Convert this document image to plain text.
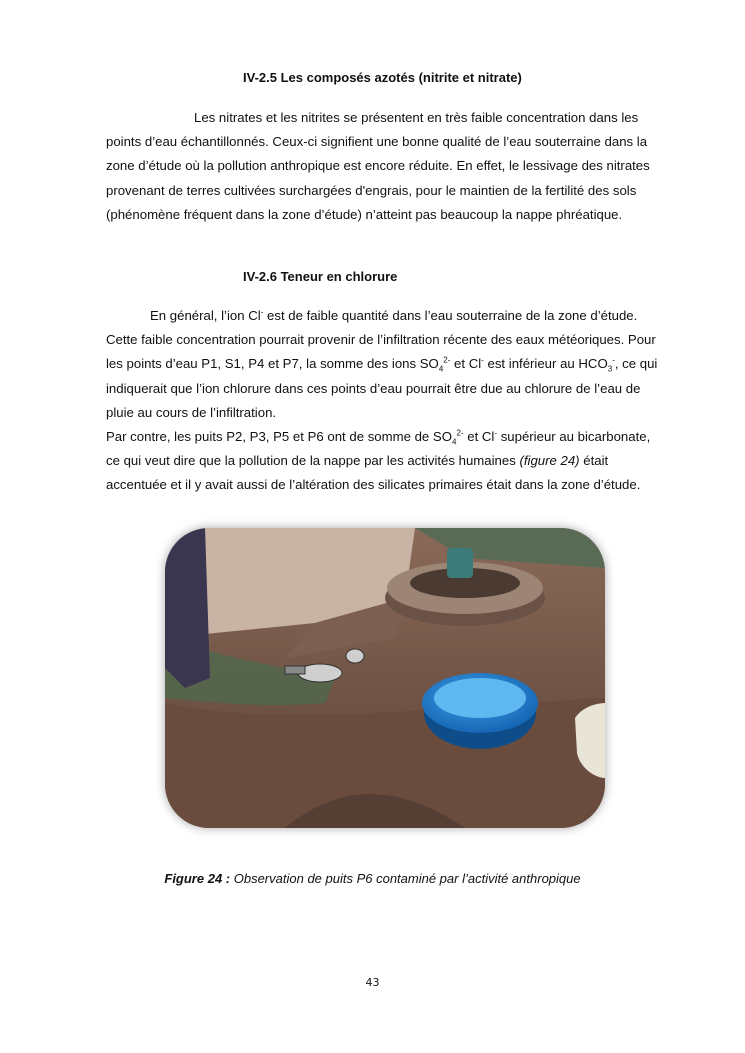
IV-2.5 Les composés azotés (nitrite et nitrate)

Les nitrates et les nitrites se présentent en très faible concentration dans les points d’eau échantillonnés. Ceux-ci signifient une bonne qualité de l’eau souterraine dans la zone d’étude où la pollution anthropique est encore réduite. En effet, le lessivage des nitrates provenant de terres cultivées surchargées d'engrais, pour le maintien de la fertilité des sols (phénomène fréquent dans la zone d’étude) n’atteint pas beaucoup la nappe phréatique.

IV-2.6 Teneur en chlorure

En général, l’ion Cl- est de faible quantité dans l’eau souterraine de la zone d’étude. Cette faible concentration pourrait provenir de l’infiltration récente des eaux météoriques. Pour les points d’eau P1, S1, P4 et P7, la somme des ions $SO_4^{2-}$ et Cl- est inférieur au $HCO_3^-$, ce qui indiquerait que l’ion chlorure dans ces points d’eau pourrait être due au chlorure de l’eau de pluie au cours de l’infiltration.

Par contre, les puits P2, P3, P5 et P6 ont de somme de $SO_4^{2-}$ et Cl- supérieur au bicarbonate, ce qui veut dire que la pollution de la nappe par les activités humaines (figure 24) était accentuée et il y avait aussi de l’altération des silicates primaires était dans la zone d’étude.

Figure 24 : Observation de puits P6 contaminé par l’activité anthropique
43
